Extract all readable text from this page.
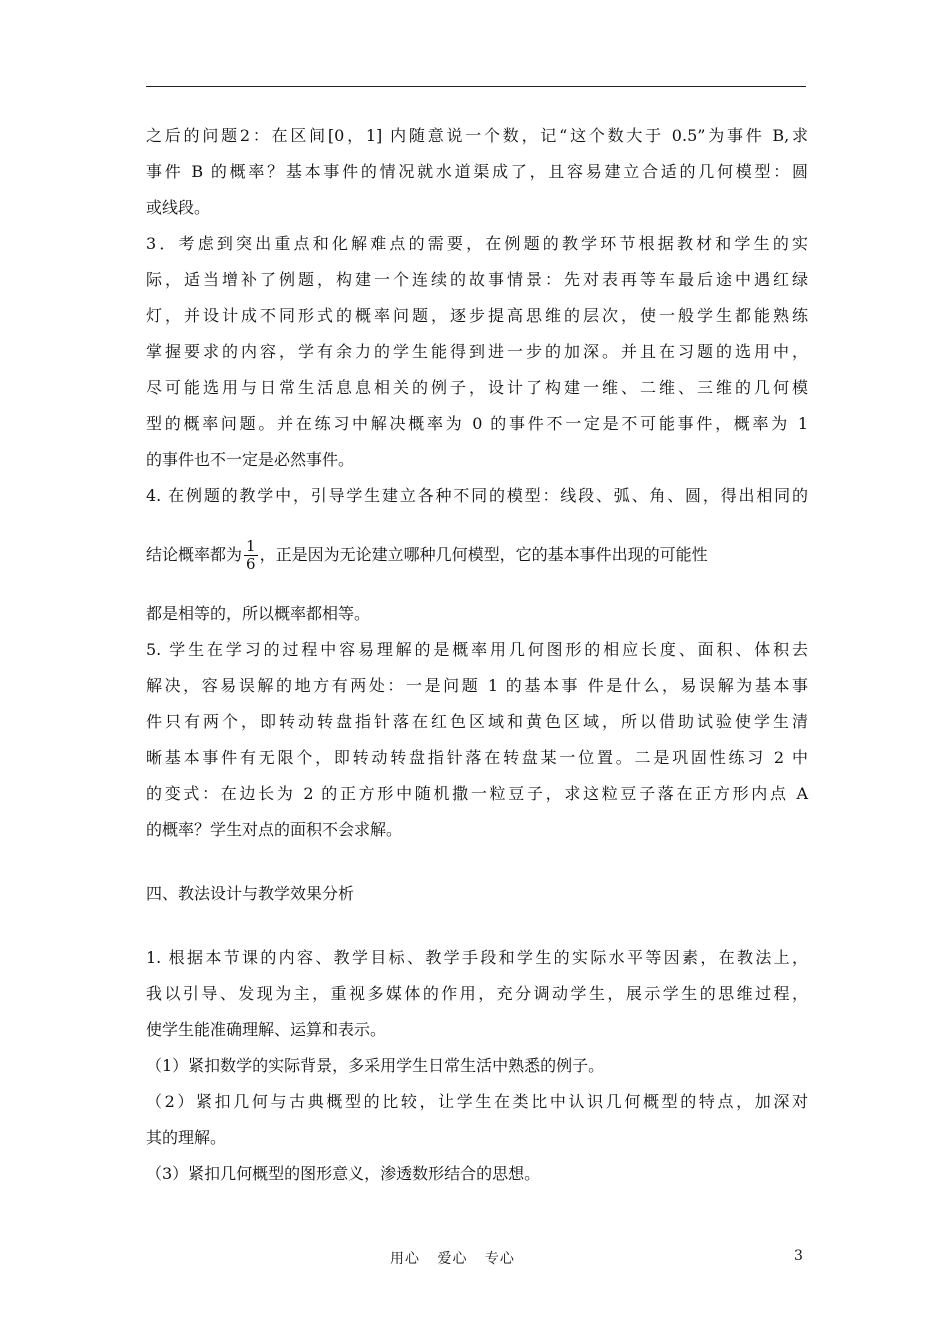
之后的问题2：在区间[0，1] 内随意说一个数，记“这个数大于 0.5”为事件 B,求
事件 B 的概率？基本事件的情况就水道渠成了，且容易建立合适的几何模型：圆
或线段。
3．考虑到突出重点和化解难点的需要，在例题的教学环节根据教材和学生的实
际，适当增补了例题，构建一个连续的故事情景：先对表再等车最后途中遇红绿
灯，并设计成不同形式的概率问题，逐步提高思维的层次，使一般学生都能熟练
掌握要求的内容，学有余力的学生能得到进一步的加深。并且在习题的选用中，
尽可能选用与日常生活息息相关的例子，设计了构建一维、二维、三维的几何模
型的概率问题。并在练习中解决概率为 0 的事件不一定是不可能事件，概率为 1
的事件也不一定是必然事件。
4. 在例题的教学中，引导学生建立各种不同的模型：线段、弧、角、圆，得出相同的
结论概率都为 $\frac{1}{6}$ ，正是因为无论建立哪种几何模型，它的基本事件出现的可能性
都是相等的，所以概率都相等。
5. 学生在学习的过程中容易理解的是概率用几何图形的相应长度、面积、体积去
解决，容易误解的地方有两处：一是问题 1 的基本事 件是什么，易误解为基本事
件只有两个，即转动转盘指针落在红色区域和黄色区域，所以借助试验使学生清
晰基本事件有无限个，即转动转盘指针落在转盘某一位置。二是巩固性练习 2 中
的变式：在边长为 2 的正方形中随机撒一粒豆子，求这粒豆子落在正方形内点 A
的概率？学生对点的面积不会求解。
四、教法设计与教学效果分析
1. 根据本节课的内容、教学目标、教学手段和学生的实际水平等因素，在教法上，
我以引导、发现为主，重视多媒体的作用，充分调动学生，展示学生的思维过程，
使学生能准确理解、运算和表示。
（1）紧扣数学的实际背景，多采用学生日常生活中熟悉的例子。
（2）紧扣几何与古典概型的比较，让学生在类比中认识几何概型的特点，加深对
其的理解。
（3）紧扣几何概型的图形意义，渗透数形结合的思想。
用心 爱心 专心	3
